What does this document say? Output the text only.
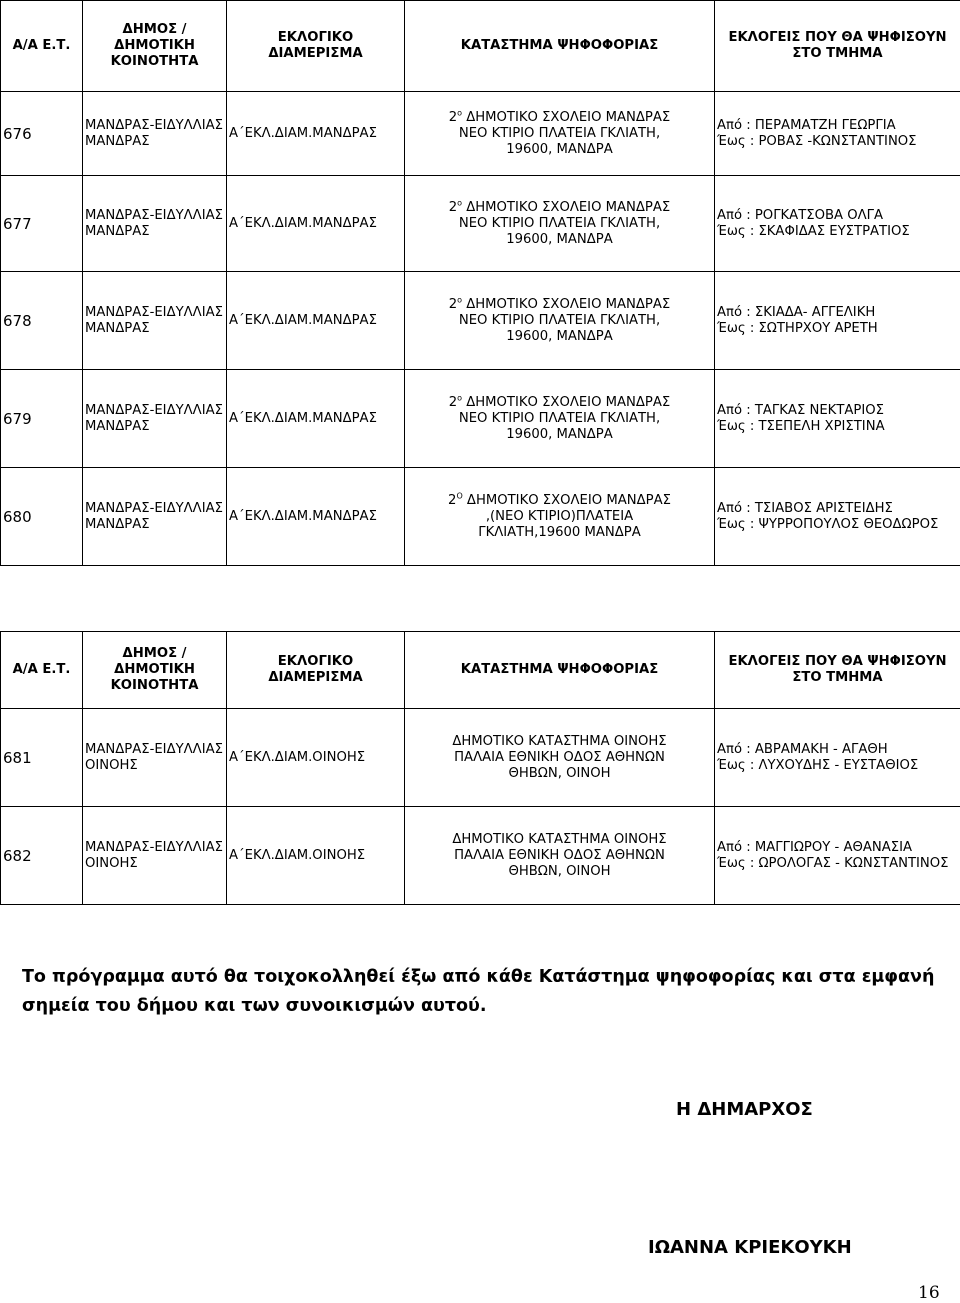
Α/Α Ε.Τ.	ΔΗΜΟΣ / ΔΗΜΟΤΙΚΗ
ΚΟΙΝΟΤΗΤΑ	ΕΚΛΟΓΙΚΟ
ΔΙΑΜΕΡΙΣΜΑ	ΚΑΤΑΣΤΗΜΑ ΨΗΦΟΦΟΡΙΑΣ	ΕΚΛΟΓΕΙΣ ΠΟΥ ΘΑ ΨΗΦΙΣΟΥΝ
ΣΤΟ ΤΜΗΜΑ

676	ΜΑΝΔΡΑΣ-ΕΙΔΥΛΛΙΑΣ
ΜΑΝΔΡΑΣ	Α΄ΕΚΛ.ΔΙΑΜ.ΜΑΝΔΡΑΣ	$2^o$ ΔΗΜΟΤΙΚΟ ΣΧΟΛΕΙΟ ΜΑΝΔΡΑΣ
ΝΕΟ ΚΤΙΡΙΟ ΠΛΑΤΕΙΑ ΓΚΛΙΑΤΗ,
19600, ΜΑΝΔΡΑ	Από : ΠΕΡΑΜΑΤΖΗ ΓΕΩΡΓΙΑ
Έως : ΡΟΒΑΣ -ΚΩΝΣΤΑΝΤΙΝΟΣ

677	ΜΑΝΔΡΑΣ-ΕΙΔΥΛΛΙΑΣ
ΜΑΝΔΡΑΣ	Α΄ΕΚΛ.ΔΙΑΜ.ΜΑΝΔΡΑΣ	$2^o$ ΔΗΜΟΤΙΚΟ ΣΧΟΛΕΙΟ ΜΑΝΔΡΑΣ
ΝΕΟ ΚΤΙΡΙΟ ΠΛΑΤΕΙΑ ΓΚΛΙΑΤΗ,
19600, ΜΑΝΔΡΑ	Από : ΡΟΓΚΑΤΣΟΒΑ ΟΛΓΑ
Έως : ΣΚΑΦΙΔΑΣ ΕΥΣΤΡΑΤΙΟΣ

678	ΜΑΝΔΡΑΣ-ΕΙΔΥΛΛΙΑΣ
ΜΑΝΔΡΑΣ	Α΄ΕΚΛ.ΔΙΑΜ.ΜΑΝΔΡΑΣ	$2^o$ ΔΗΜΟΤΙΚΟ ΣΧΟΛΕΙΟ ΜΑΝΔΡΑΣ
ΝΕΟ ΚΤΙΡΙΟ ΠΛΑΤΕΙΑ ΓΚΛΙΑΤΗ,
19600, ΜΑΝΔΡΑ	Από : ΣΚΙΑΔΑ- ΑΓΓΕΛΙΚΗ
Έως : ΣΩΤΗΡΧΟΥ ΑΡΕΤΗ

679	ΜΑΝΔΡΑΣ-ΕΙΔΥΛΛΙΑΣ
ΜΑΝΔΡΑΣ	Α΄ΕΚΛ.ΔΙΑΜ.ΜΑΝΔΡΑΣ	$2^o$ ΔΗΜΟΤΙΚΟ ΣΧΟΛΕΙΟ ΜΑΝΔΡΑΣ
ΝΕΟ ΚΤΙΡΙΟ ΠΛΑΤΕΙΑ ΓΚΛΙΑΤΗ,
19600, ΜΑΝΔΡΑ	Από : ΤΑΓΚΑΣ ΝΕΚΤΑΡΙΟΣ
Έως : ΤΣΕΠΕΛΗ ΧΡΙΣΤΙΝΑ

680	ΜΑΝΔΡΑΣ-ΕΙΔΥΛΛΙΑΣ
ΜΑΝΔΡΑΣ	Α΄ΕΚΛ.ΔΙΑΜ.ΜΑΝΔΡΑΣ	$2^O$ ΔΗΜΟΤΙΚΟ ΣΧΟΛΕΙΟ ΜΑΝΔΡΑΣ
,(ΝΕΟ ΚΤΙΡΙΟ)ΠΛΑΤΕΙΑ
ΓΚΛΙΑΤΗ,19600 ΜΑΝΔΡΑ	Από : ΤΣΙΑΒΟΣ ΑΡΙΣΤΕΙΔΗΣ
Έως : ΨΥΡΡΟΠΟΥΛΟΣ ΘΕΟΔΩΡΟΣ
Α/Α Ε.Τ.	ΔΗΜΟΣ / ΔΗΜΟΤΙΚΗ
ΚΟΙΝΟΤΗΤΑ	ΕΚΛΟΓΙΚΟ
ΔΙΑΜΕΡΙΣΜΑ	ΚΑΤΑΣΤΗΜΑ ΨΗΦΟΦΟΡΙΑΣ	ΕΚΛΟΓΕΙΣ ΠΟΥ ΘΑ ΨΗΦΙΣΟΥΝ
ΣΤΟ ΤΜΗΜΑ

681	ΜΑΝΔΡΑΣ-ΕΙΔΥΛΛΙΑΣ
ΟΙΝΟΗΣ	Α΄ΕΚΛ.ΔΙΑΜ.ΟΙΝΟΗΣ	ΔΗΜΟΤΙΚΟ ΚΑΤΑΣΤΗΜΑ ΟΙΝΟΗΣ
ΠΑΛΑΙΑ ΕΘΝΙΚΗ ΟΔΟΣ ΑΘΗΝΩΝ
ΘΗΒΩΝ, ΟΙΝΟΗ	Από : ΑΒΡΑΜΑΚΗ - ΑΓΑΘΗ
Έως : ΛΥΧΟΥΔΗΣ - ΕΥΣΤΑΘΙΟΣ

682	ΜΑΝΔΡΑΣ-ΕΙΔΥΛΛΙΑΣ
ΟΙΝΟΗΣ	Α΄ΕΚΛ.ΔΙΑΜ.ΟΙΝΟΗΣ	ΔΗΜΟΤΙΚΟ ΚΑΤΑΣΤΗΜΑ ΟΙΝΟΗΣ
ΠΑΛΑΙΑ ΕΘΝΙΚΗ ΟΔΟΣ ΑΘΗΝΩΝ
ΘΗΒΩΝ, ΟΙΝΟΗ	Από : ΜΑΓΓΙΩΡΟΥ - ΑΘΑΝΑΣΙΑ
Έως : ΩΡΟΛΟΓΑΣ - ΚΩΝΣΤΑΝΤΙΝΟΣ
Το πρόγραμμα αυτό θα τοιχοκολληθεί έξω από κάθε Κατάστημα ψηφοφορίας και στα εμφανή
σημεία του δήμου και των συνοικισμών αυτού.
Η ΔΗΜΑΡΧΟΣ
ΙΩΑΝΝΑ ΚΡΙΕΚΟΥΚΗ
16
